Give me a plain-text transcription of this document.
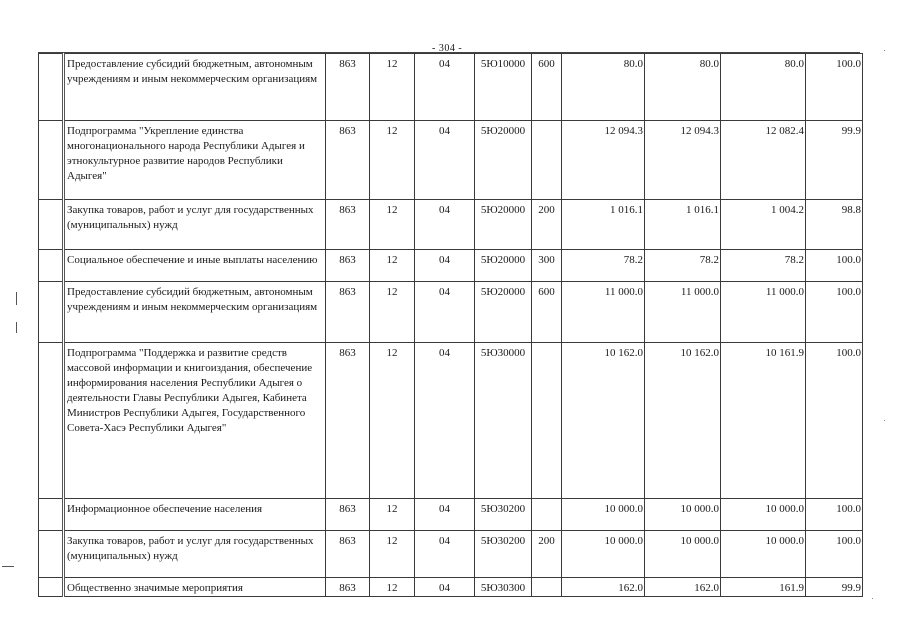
- 304 -
	Предоставление субсидий бюджетным, автономным учреждениям и иным некоммерческим организациям	863	12	04	5Ю10000	600	80.0	80.0	80.0	100.0
	Подпрограмма "Укрепление единства многонационального народа Республики Адыгея и этнокультурное развитие народов Республики Адыгея"	863	12	04	5Ю20000		12 094.3	12 094.3	12 082.4	99.9
	Закупка товаров, работ и услуг для государственных (муниципальных) нужд	863	12	04	5Ю20000	200	1 016.1	1 016.1	1 004.2	98.8
	Социальное обеспечение и иные выплаты населению	863	12	04	5Ю20000	300	78.2	78.2	78.2	100.0
	Предоставление субсидий бюджетным, автономным учреждениям и иным некоммерческим организациям	863	12	04	5Ю20000	600	11 000.0	11 000.0	11 000.0	100.0
	Подпрограмма "Поддержка и развитие средств массовой информации и книгоиздания, обеспечение информирования населения Республики Адыгея о деятельности Главы Республики Адыгея, Кабинета Министров Республики Адыгея, Государственного Совета-Хасэ Республики Адыгея"	863	12	04	5Ю30000		10 162.0	10 162.0	10 161.9	100.0
	Информационное обеспечение населения	863	12	04	5Ю30200		10 000.0	10 000.0	10 000.0	100.0
	Закупка товаров, работ и услуг для государственных (муниципальных) нужд	863	12	04	5Ю30200	200	10 000.0	10 000.0	10 000.0	100.0
	Общественно значимые мероприятия	863	12	04	5Ю30300		162.0	162.0	161.9	99.9
